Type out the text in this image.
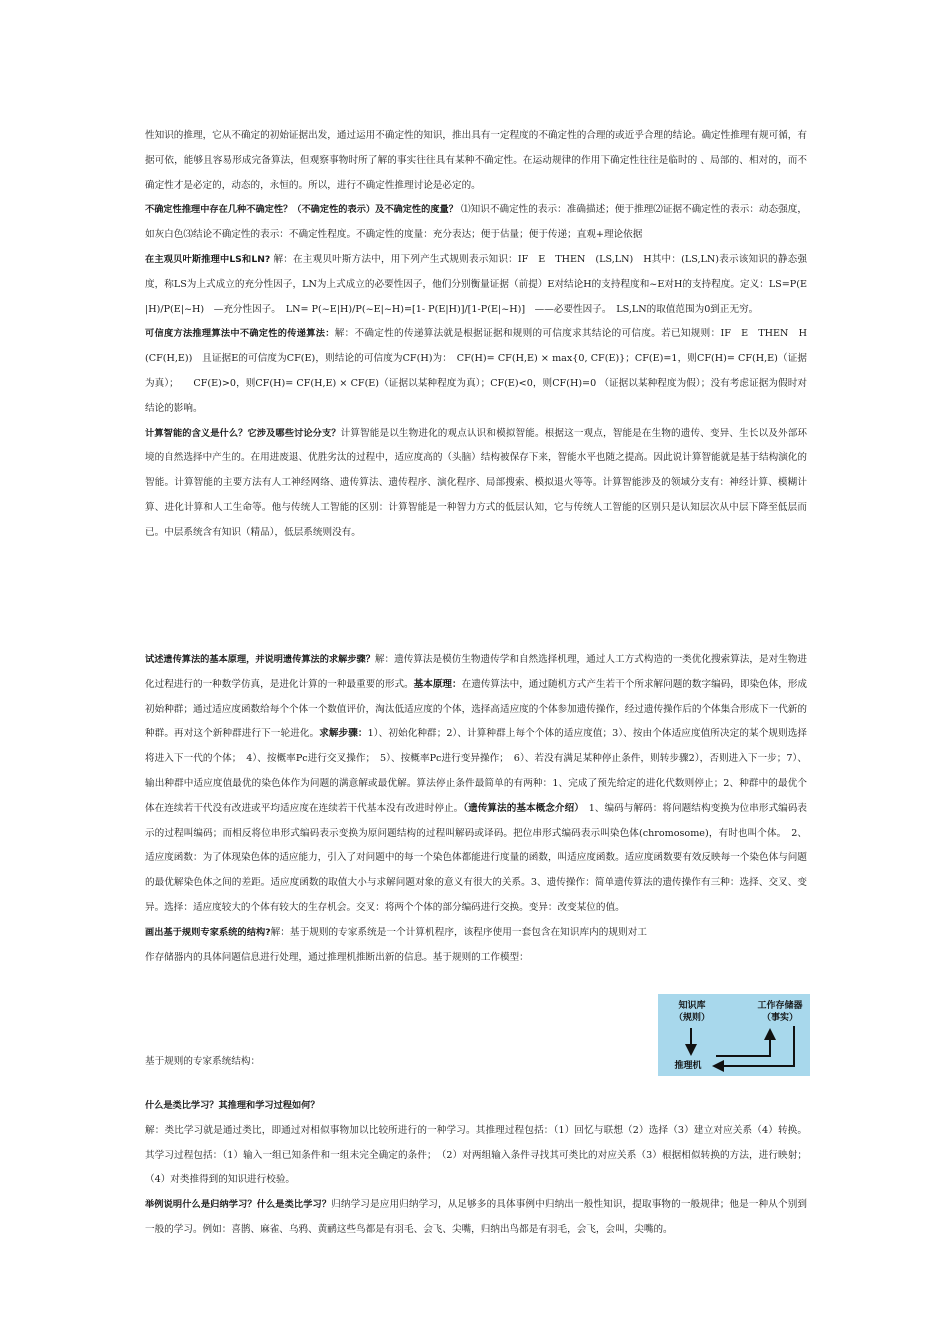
性知识的推理，它从不确定的初始证据出发，通过运用不确定性的知识，推出具有一定程度的不确定性的合理的或近乎合理的结论。确定性推理有规可循，有据可依，能够且容易形成完备算法，但观察事物时所了解的事实往往具有某种不确定性。在运动规律的作用下确定性往往是临时的 、局部的、相对的，而不确定性才是必定的，动态的，永恒的。所以，进行不确定性推理讨论是必定的。

不确定性推理中存在几种不确定性？（不确定性的表示）及不确定性的度量？ ⑴知识不确定性的表示：准确描述；便于推理⑵证据不确定性的表示：动态强度，如灰白色⑶结论不确定性的表示：不确定性程度。不确定性的度量：充分表达；便于估量；便于传递；直观+理论依据

在主观贝叶斯推理中LS和LN? 解：在主观贝叶斯方法中，用下列产生式规则表示知识：IF　E　THEN　(LS,LN)　H其中：(LS,LN)表示该知识的静态强度，称LS为上式成立的充分性因子，LN为上式成立的必要性因子，他们分别衡量证据（前提）E对结论H的支持程度和~E对H的支持程度。定义：LS=P(E|H)/P(E|~H)　—充分性因子。　LN= P(~E|H)/P(~E|~H)=[1- P(E|H)]/[1-P(E|~H)]　——必要性因子。　LS,LN的取值范围为0到正无穷。

可信度方法推理算法中不确定性的传递算法：解：不确定性的传递算法就是根据证据和规则的可信度求其结论的可信度。若已知规则：IF　E　THEN　H　(CF(H,E))　且证据E的可信度为CF(E)，则结论的可信度为CF(H)为：　CF(H)= CF(H,E) × max{0, CF(E)}；CF(E)=1，则CF(H)= CF(H,E)（证据为真）；　　CF(E)>0，则CF(H)= CF(H,E) × CF(E)（证据以某种程度为真）；CF(E)<0，则CF(H)=0 （证据以某种程度为假）；没有考虑证据为假时对结论的影响。

计算智能的含义是什么？它涉及哪些讨论分支？计算智能是以生物进化的观点认识和模拟智能。根据这一观点，智能是在生物的遗传、变异、生长以及外部环境的自然选择中产生的。在用进废退、优胜劣汰的过程中，适应度高的（头脑）结构被保存下来，智能水平也随之提高。因此说计算智能就是基于结构演化的智能。计算智能的主要方法有人工神经网络、遗传算法、遗传程序、演化程序、局部搜索、模拟退火等等。计算智能涉及的领域分支有：神经计算、模糊计算、进化计算和人工生命等。他与传统人工智能的区别：计算智能是一种智力方式的低层认知，它与传统人工智能的区别只是认知层次从中层下降至低层而已。中层系统含有知识（精品），低层系统则没有。

试述遗传算法的基本原理，并说明遗传算法的求解步骤？解：遗传算法是模仿生物遗传学和自然选择机理，通过人工方式构造的一类优化搜索算法，是对生物进化过程进行的一种数学仿真，是进化计算的一种最重要的形式。基本原理：在遗传算法中，通过随机方式产生若干个所求解问题的数字编码，即染色体，形成初始种群；通过适应度函数给每个个体一个数值评价，淘汰低适应度的个体，选择高适应度的个体参加遗传操作，经过遗传操作后的个体集合形成下一代新的种群。再对这个新种群进行下一轮进化。求解步骤：1）、初始化种群；2）、计算种群上每个个体的适应度值；3）、按由个体适应度值所决定的某个规则选择将进入下一代的个体；　4）、按概率Pc进行交叉操作；　5）、按概率Pc进行变异操作；　6）、若没有满足某种停止条件，则转步骤2），否则进入下一步；7）、输出种群中适应度值最优的染色体作为问题的满意解或最优解。算法停止条件最简单的有两种：1、完成了预先给定的进化代数则停止；2、种群中的最优个体在连续若干代没有改进或平均适应度在连续若干代基本没有改进时停止。（遗传算法的基本概念介绍）　1、编码与解码：将问题结构变换为位串形式编码表示的过程叫编码；而相反将位串形式编码表示变换为原问题结构的过程叫解码或译码。把位串形式编码表示叫染色体(chromosome)，有时也叫个体。　2、适应度函数：为了体现染色体的适应能力，引入了对问题中的每一个染色体都能进行度量的函数，叫适应度函数。适应度函数要有效反映每一个染色体与问题的最优解染色体之间的差距。适应度函数的取值大小与求解问题对象的意义有很大的关系。3、遗传操作：简单遗传算法的遗传操作有三种：选择、交叉、变异。选择：适应度较大的个体有较大的生存机会。交叉：将两个个体的部分编码进行交换。变异：改变某位的值。

画出基于规则专家系统的结构?解：基于规则的专家系统是一个计算机程序，该程序使用一套包含在知识库内的规则对工作存储器内的具体问题信息进行处理，通过推理机推断出新的信息。基于规则的工作模型：

知识库
（规则）
工作存储器
（事实）
推理机
基于规则的专家系统结构：

什么是类比学习？其推理和学习过程如何？

解：类比学习就是通过类比，即通过对相似事物加以比较所进行的一种学习。其推理过程包括：（1）回忆与联想（2）选择（3）建立对应关系（4）转换。其学习过程包括：（1）输入一组已知条件和一组未完全确定的条件；　（2）对两组输入条件寻找其可类比的对应关系（3）根据相似转换的方法，进行映射；（4）对类推得到的知识进行校验。

举例说明什么是归纳学习？什么是类比学习？归纳学习是应用归纳学习，从足够多的具体事例中归纳出一般性知识，提取事物的一般规律；他是一种从个别到一般的学习。例如：喜鹊、麻雀、乌鸦、黄鹂这些鸟都是有羽毛、会飞、尖嘴，归纳出鸟都是有羽毛，会飞，会叫，尖嘴的。
